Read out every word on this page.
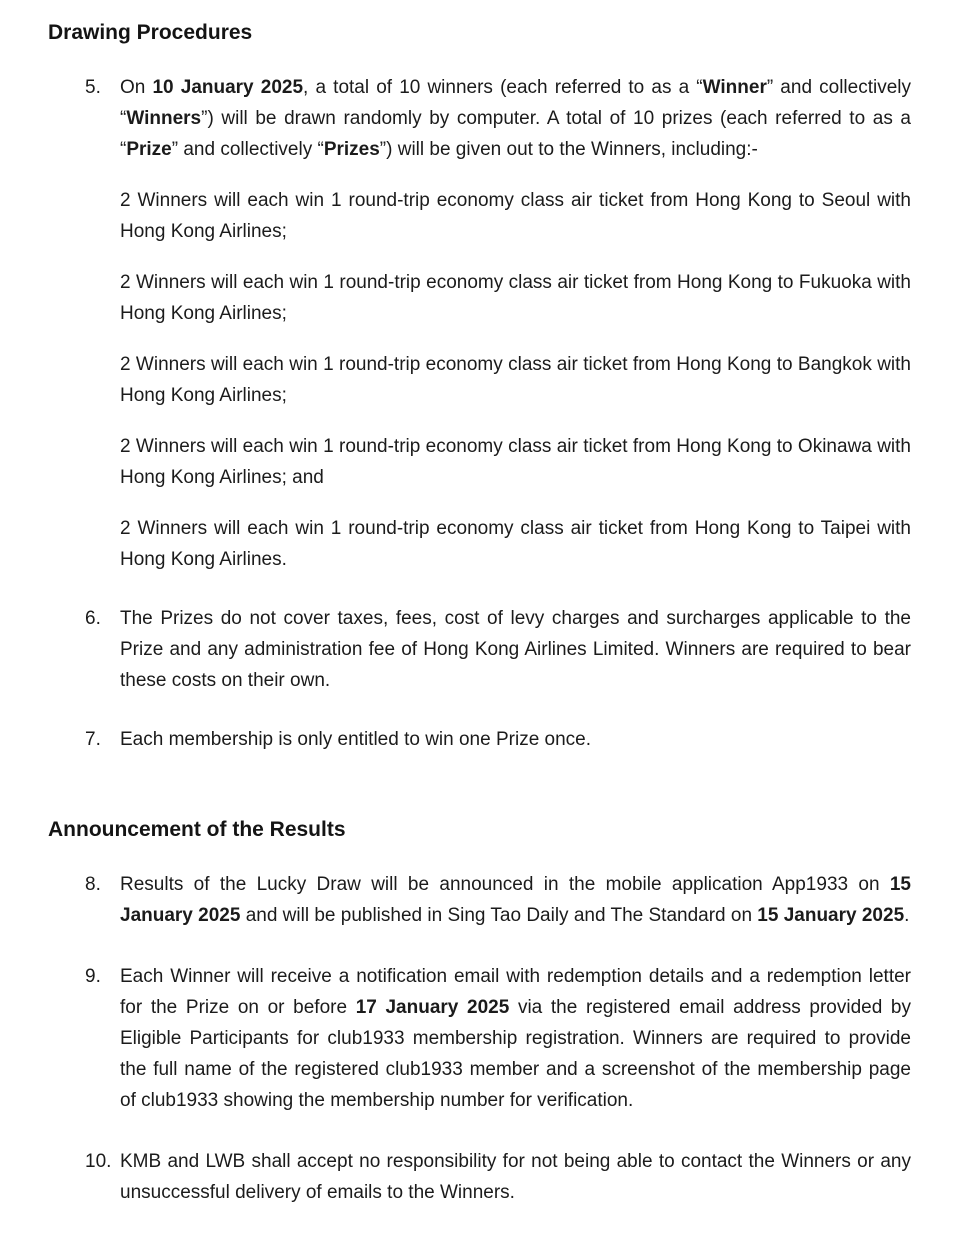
Drawing Procedures
5.	On 10 January 2025, a total of 10 winners (each referred to as a “Winner” and collectively “Winners”) will be drawn randomly by computer. A total of 10 prizes (each referred to as a “Prize” and collectively “Prizes”) will be given out to the Winners, including:-

2 Winners will each win 1 round-trip economy class air ticket from Hong Kong to Seoul with Hong Kong Airlines;

2 Winners will each win 1 round-trip economy class air ticket from Hong Kong to Fukuoka with Hong Kong Airlines;

2 Winners will each win 1 round-trip economy class air ticket from Hong Kong to Bangkok with Hong Kong Airlines;

2 Winners will each win 1 round-trip economy class air ticket from Hong Kong to Okinawa with Hong Kong Airlines; and

2 Winners will each win 1 round-trip economy class air ticket from Hong Kong to Taipei with Hong Kong Airlines.

6.	The Prizes do not cover taxes, fees, cost of levy charges and surcharges applicable to the Prize and any administration fee of Hong Kong Airlines Limited. Winners are required to bear these costs on their own.

7.	Each membership is only entitled to win one Prize once.

Announcement of the Results
8.	Results of the Lucky Draw will be announced in the mobile application App1933 on 15 January 2025 and will be published in Sing Tao Daily and The Standard on 15 January 2025.

9.	Each Winner will receive a notification email with redemption details and a redemption letter for the Prize on or before 17 January 2025 via the registered email address provided by Eligible Participants for club1933 membership registration. Winners are required to provide the full name of the registered club1933 member and a screenshot of the membership page of club1933 showing the membership number for verification.

10. KMB and LWB shall accept no responsibility for not being able to contact the Winners or any unsuccessful delivery of emails to the Winners.
